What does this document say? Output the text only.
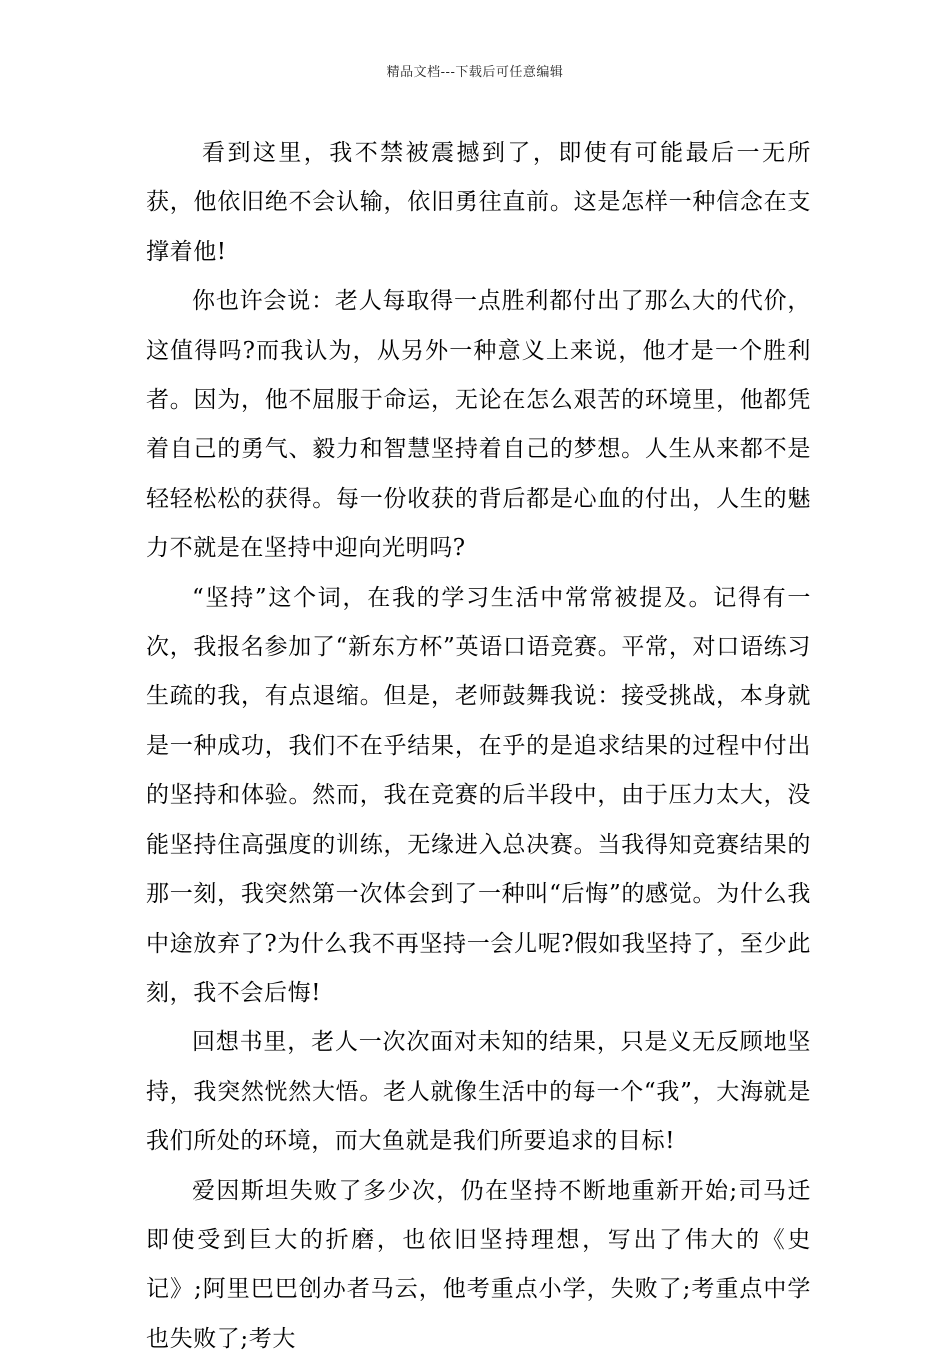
精品文档---下载后可任意编辑

看到这里，我不禁被震撼到了，即使有可能最后一无所获，他依旧绝不会认输，依旧勇往直前。这是怎样一种信念在支撑着他!

你也许会说：老人每取得一点胜利都付出了那么大的代价，这值得吗?而我认为，从另外一种意义上来说，他才是一个胜利者。因为，他不屈服于命运，无论在怎么艰苦的环境里，他都凭着自己的勇气、毅力和智慧坚持着自己的梦想。人生从来都不是轻轻松松的获得。每一份收获的背后都是心血的付出，人生的魅力不就是在坚持中迎向光明吗?

“坚持”这个词，在我的学习生活中常常被提及。记得有一次，我报名参加了“新东方杯”英语口语竞赛。平常，对口语练习生疏的我，有点退缩。但是，老师鼓舞我说：接受挑战，本身就是一种成功，我们不在乎结果，在乎的是追求结果的过程中付出的坚持和体验。然而，我在竞赛的后半段中，由于压力太大，没能坚持住高强度的训练，无缘进入总决赛。当我得知竞赛结果的那一刻，我突然第一次体会到了一种叫“后悔”的感觉。为什么我中途放弃了?为什么我不再坚持一会儿呢?假如我坚持了，至少此刻，我不会后悔!

回想书里，老人一次次面对未知的结果，只是义无反顾地坚持，我突然恍然大悟。老人就像生活中的每一个“我”，大海就是我们所处的环境，而大鱼就是我们所要追求的目标!

爱因斯坦失败了多少次，仍在坚持不断地重新开始;司马迁即使受到巨大的折磨，也依旧坚持理想，写出了伟大的《史记》;阿里巴巴创办者马云，他考重点小学，失败了;考重点中学也失败了;考大
